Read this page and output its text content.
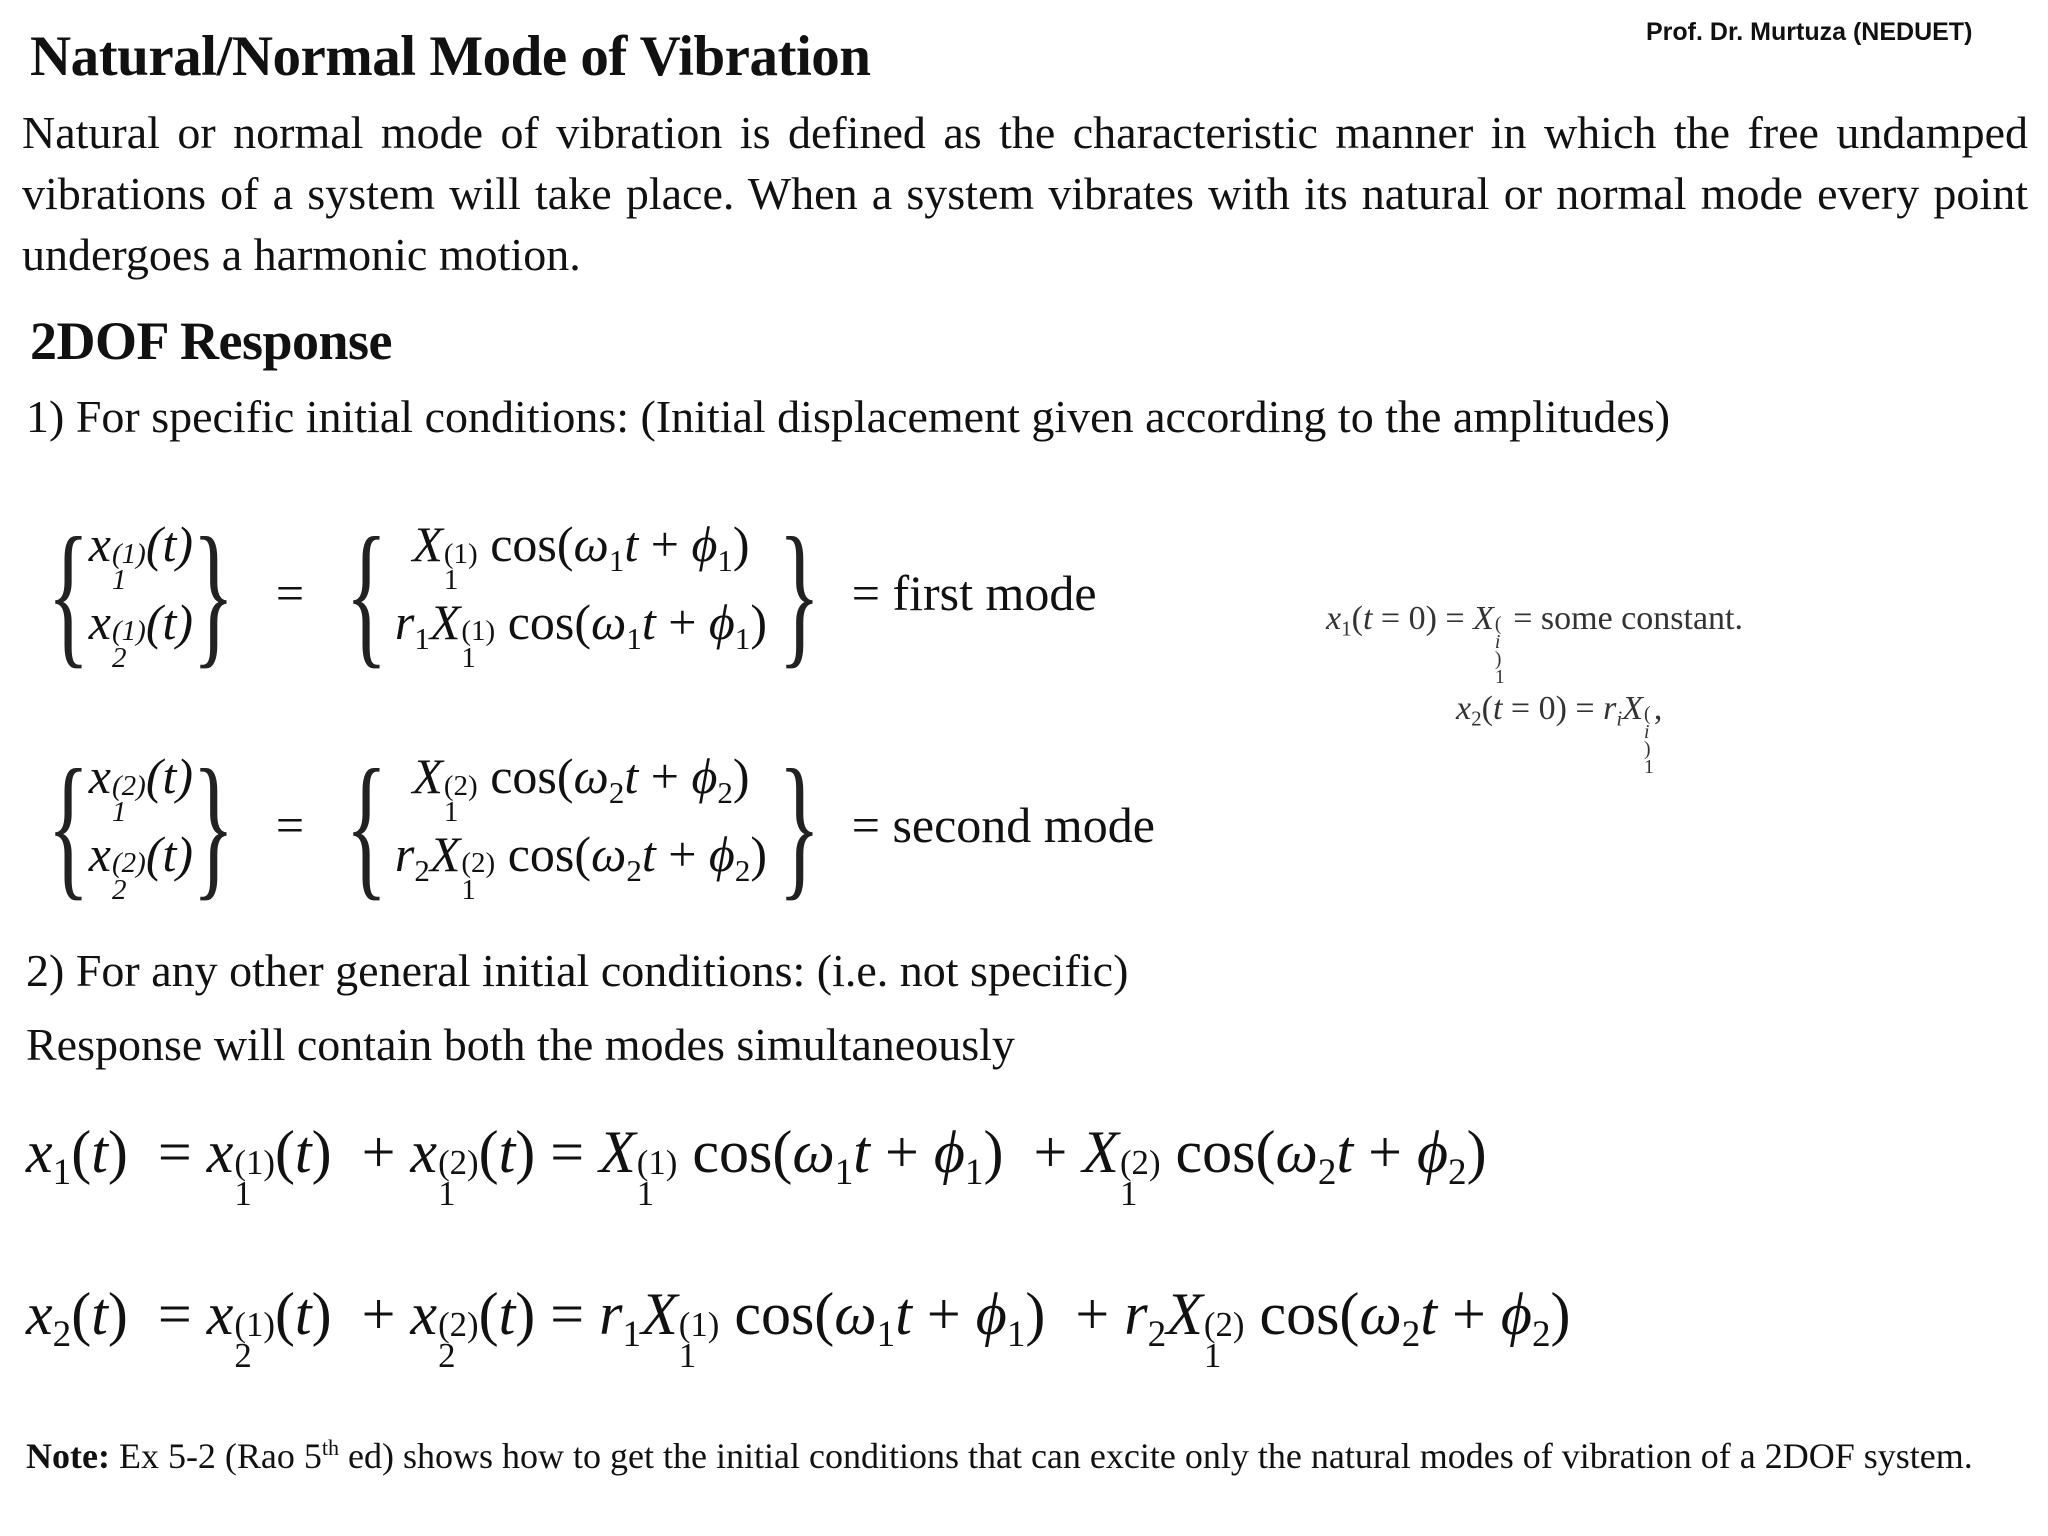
Prof. Dr. Murtuza (NEDUET)
Natural/Normal Mode of Vibration
Natural or normal mode of vibration is defined as the characteristic manner in which the free undamped vibrations of a system will take place. When a system vibrates with its natural or normal mode every point undergoes a harmonic motion.
2DOF Response
1) For specific initial conditions: (Initial displacement given according to the amplitudes)
{ x (1)
1
(t)
x (1)
2
(t) } = { X (1)
1
$\cos(\omega_1t + \phi_1)$
$r_1X$ (1)
1
$\cos(\omega_1t + \phi_1)$ } = first mode	$x_1(t = 0) = X$ (
i
)
1
= some constant.
$x_2(t = 0) = r_iX$ (
i
)
1
,
{ x (2)
1
(t)
x (2)
2
(t) } = { X (2)
1
$\cos(\omega_2t + \phi_2)$
$r_2X$ (2)
1
$\cos(\omega_2t + \phi_2)$ } = second mode
2) For any other general initial conditions: (i.e. not specific)
Response will contain both the modes simultaneously
$x_1(t) = x$ (1)
1
(t)  + x (2)
1
(t) = X (1)
1
$\cos(\omega_1t + \phi_1) + X$ (2)
1
$\cos(\omega_2t + \phi_2)$
$x_2(t) = x$ (1)
2
(t)  + x (2)
2
$(t) = r_1X$ (1)
1
$\cos(\omega_1t + \phi_1) + r_2X$ (2)
1
$\cos(\omega_2t + \phi_2)$
Note: Ex 5-2 (Rao 5th ed) shows how to get the initial conditions that can excite only the natural modes of vibration of a 2DOF system.
